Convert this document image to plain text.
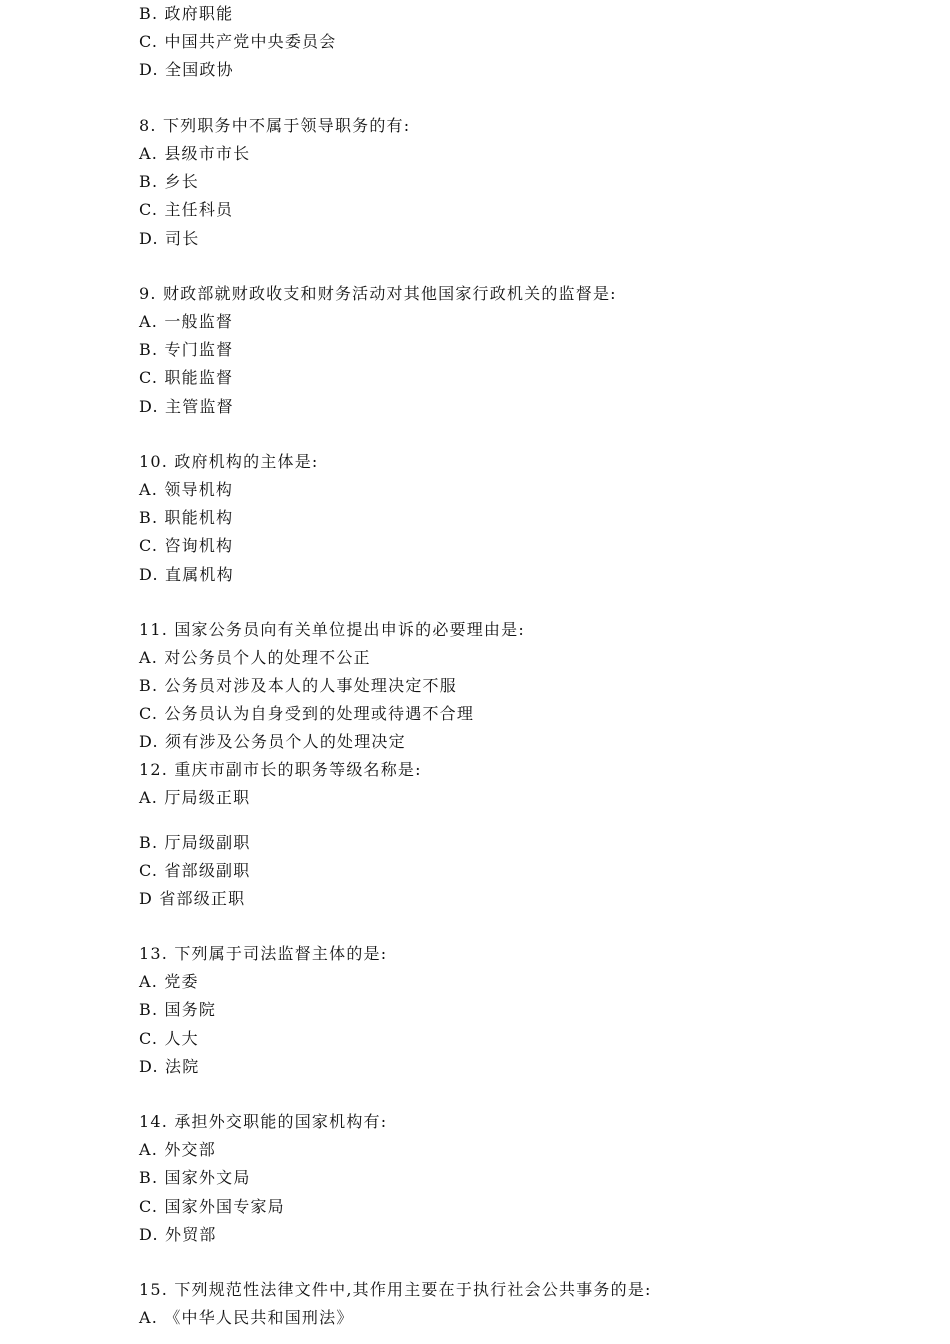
B. 政府职能
C. 中国共产党中央委员会
D. 全国政协
8. 下列职务中不属于领导职务的有:
A. 县级市市长
B. 乡长
C. 主任科员
D. 司长
9. 财政部就财政收支和财务活动对其他国家行政机关的监督是:
A. 一般监督
B. 专门监督
C. 职能监督
D. 主管监督
10. 政府机构的主体是:
A. 领导机构
B. 职能机构
C. 咨询机构
D. 直属机构
11. 国家公务员向有关单位提出申诉的必要理由是:
A. 对公务员个人的处理不公正
B. 公务员对涉及本人的人事处理决定不服
C. 公务员认为自身受到的处理或待遇不合理
D. 须有涉及公务员个人的处理决定
12. 重庆市副市长的职务等级名称是:
A. 厅局级正职
B. 厅局级副职
C. 省部级副职
D 省部级正职
13. 下列属于司法监督主体的是:
A. 党委
B. 国务院
C. 人大
D. 法院
14. 承担外交职能的国家机构有:
A. 外交部
B. 国家外文局
C. 国家外国专家局
D. 外贸部
15. 下列规范性法律文件中,其作用主要在于执行社会公共事务的是:
A. 《中华人民共和国刑法》
